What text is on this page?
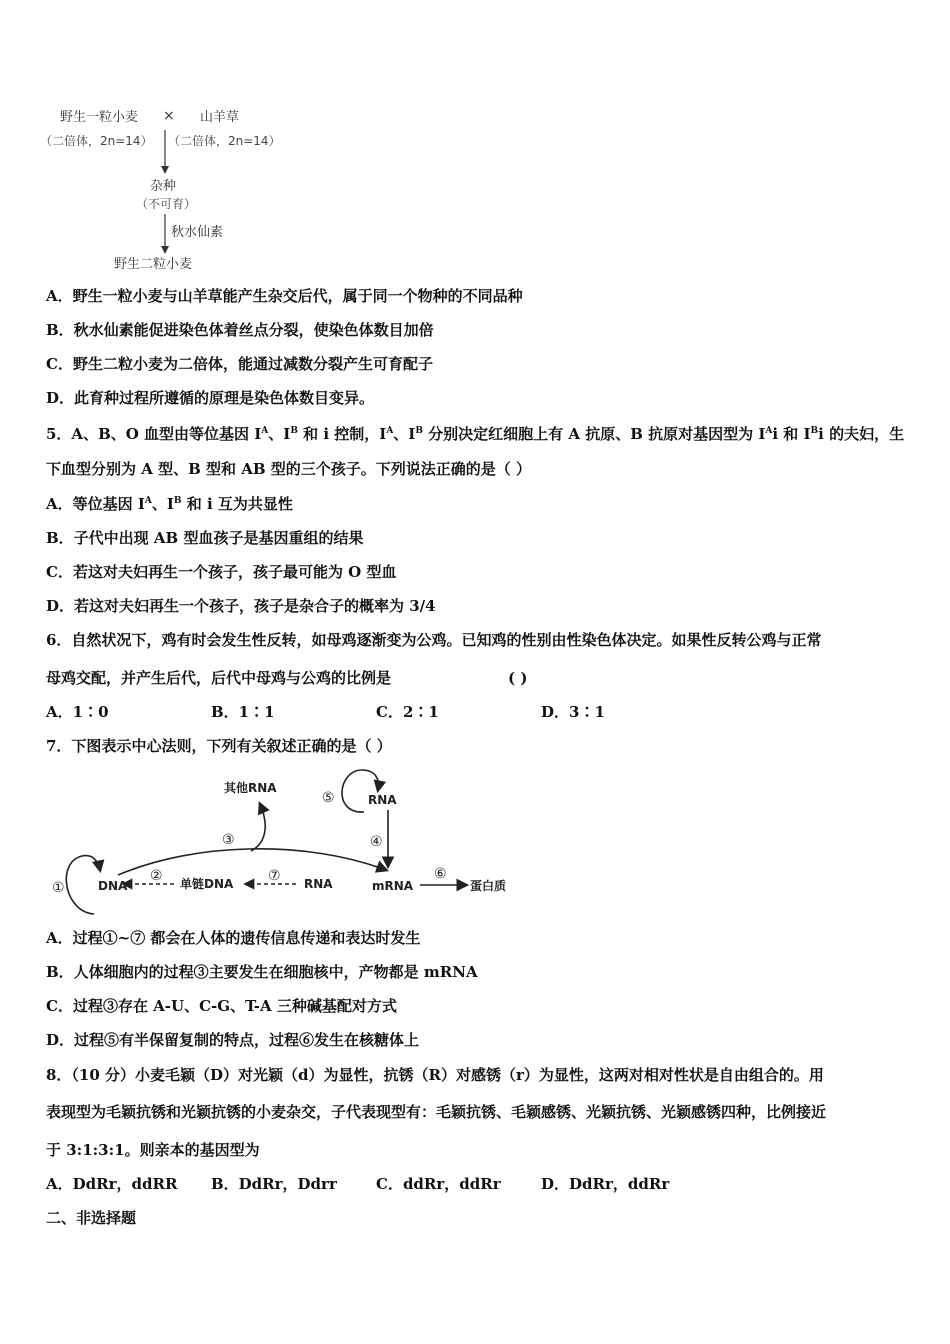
野生一粒小麦 × 山羊草
（二倍体，2n=14） （二倍体，2n=14）
杂种
（不可育）
秋水仙素
野生二粒小麦
A．野生一粒小麦与山羊草能产生杂交后代，属于同一个物种的不同品种
B．秋水仙素能促进染色体着丝点分裂，使染色体数目加倍
C．野生二粒小麦为二倍体，能通过减数分裂产生可育配子
D．此育种过程所遵循的原理是染色体数目变异。
5．A、B、O 血型由等位基因 $I^A$、$I^B$ 和 i 控制，$I^A$、$I^B$ 分别决定红细胞上有 A 抗原、B 抗原对基因型为 $I^Ai$ 和 $I^Bi$ 的夫妇，生
下血型分别为 A 型、B 型和 AB 型的三个孩子。下列说法正确的是（ ）
A．等位基因 $I^A$、$I^B$ 和 i 互为共显性
B．子代中出现 AB 型血孩子是基因重组的结果
C．若这对夫妇再生一个孩子，孩子最可能为 O 型血
D．若这对夫妇再生一个孩子，孩子是杂合子的概率为 3/4
6．自然状况下，鸡有时会发生性反转，如母鸡逐渐变为公鸡。已知鸡的性别由性染色体决定。如果性反转公鸡与正常
母鸡交配，并产生后代，后代中母鸡与公鸡的比例是	( )
A．1∶0	B．1∶1	C．2∶1	D．3∶1
7．下图表示中心法则，下列有关叙述正确的是（ ）
①	DNA
③
其他RNA
⑤	RNA
④
② 单链DNA ⑦ RNA	mRNA
⑥
蛋白质
A．过程①~⑦ 都会在人体的遗传信息传递和表达时发生
B．人体细胞内的过程③主要发生在细胞核中，产物都是 mRNA
C．过程③存在 A-U、C-G、T-A 三种碱基配对方式
D．过程⑤有半保留复制的特点，过程⑥发生在核糖体上
8．（10 分）小麦毛颖（D）对光颖（d）为显性，抗锈（R）对感锈（r）为显性，这两对相对性状是自由组合的。用
表现型为毛颖抗锈和光颖抗锈的小麦杂交，子代表现型有：毛颖抗锈、毛颖感锈、光颖抗锈、光颖感锈四种，比例接近
于 3:1:3:1。则亲本的基因型为
A．DdRr，ddRR B．DdRr，Ddrr	C．ddRr，ddRr	D．DdRr，ddRr
二、非选择题
